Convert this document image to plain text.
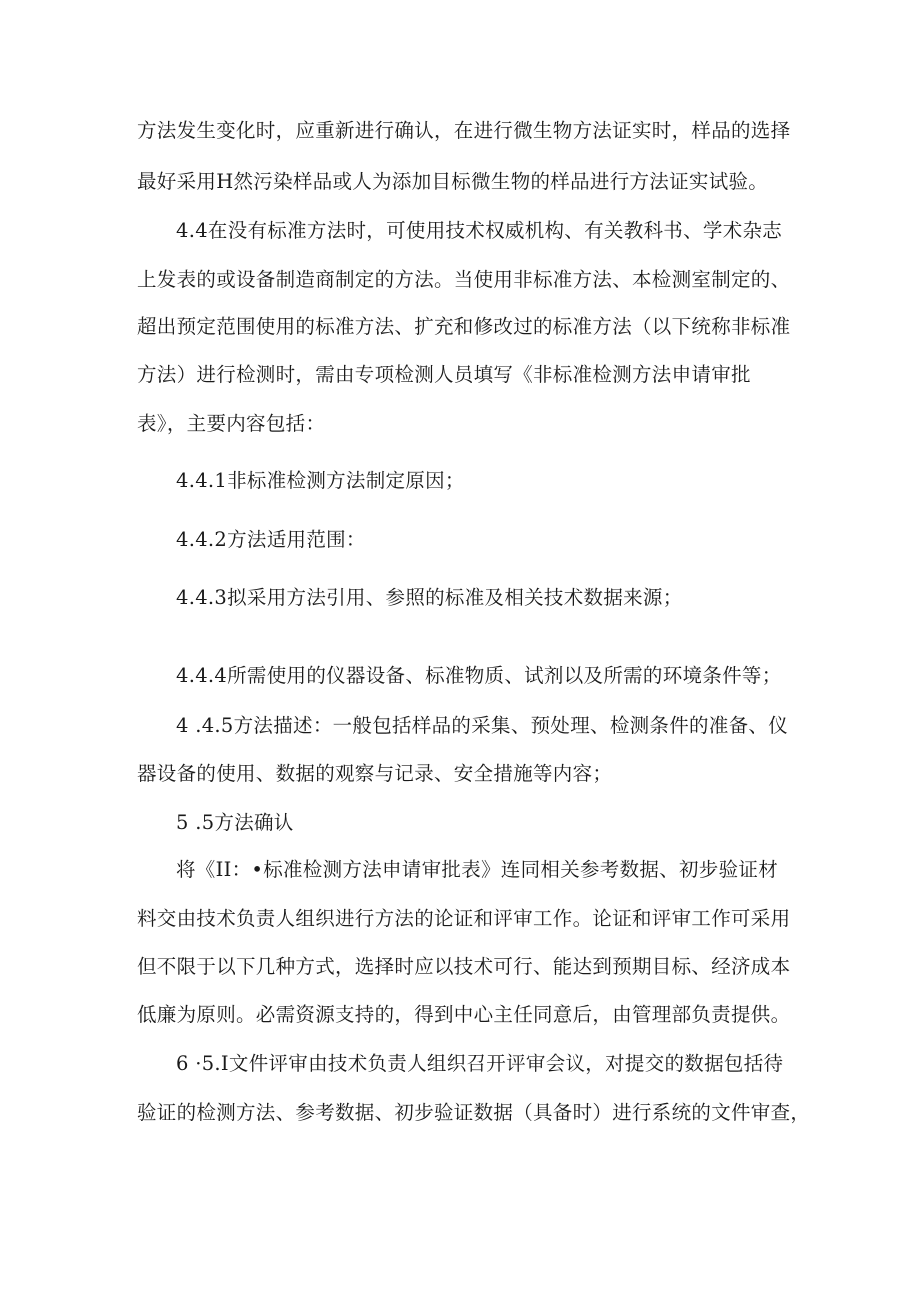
方法发生变化时，应重新进行确认，在进行微生物方法证实时，样品的选择
最好采用H然污染样品或人为添加目标微生物的样品进行方法证实试验。
4.4在没有标准方法时，可使用技术权威机构、有关教科书、学术杂志
上发表的或设备制造商制定的方法。当使用非标准方法、本检测室制定的、
超出预定范围使用的标准方法、扩充和修改过的标准方法（以下统称非标准
方法）进行检测时，需由专项检测人员填写《非标准检测方法申请审批
表》，主要内容包括：
4.4.1非标准检测方法制定原因；
4.4.2方法适用范围：
4.4.3拟采用方法引用、参照的标准及相关技术数据来源；
4.4.4所需使用的仪器设备、标准物质、试剂以及所需的环境条件等；
4 .4.5方法描述：一般包括样品的采集、预处理、检测条件的准备、仪
器设备的使用、数据的观察与记录、安全措施等内容；
5 .5方法确认
将《II：•标准检测方法申请审批表》连同相关参考数据、初步验证材
料交由技术负责人组织进行方法的论证和评审工作。论证和评审工作可采用
但不限于以下几种方式，选择时应以技术可行、能达到预期目标、经济成本
低廉为原则。必需资源支持的，得到中心主任同意后，由管理部负责提供。
6 ·5.I文件评审由技术负责人组织召开评审会议，对提交的数据包括待
验证的检测方法、参考数据、初步验证数据（具备时）进行系统的文件审查，
